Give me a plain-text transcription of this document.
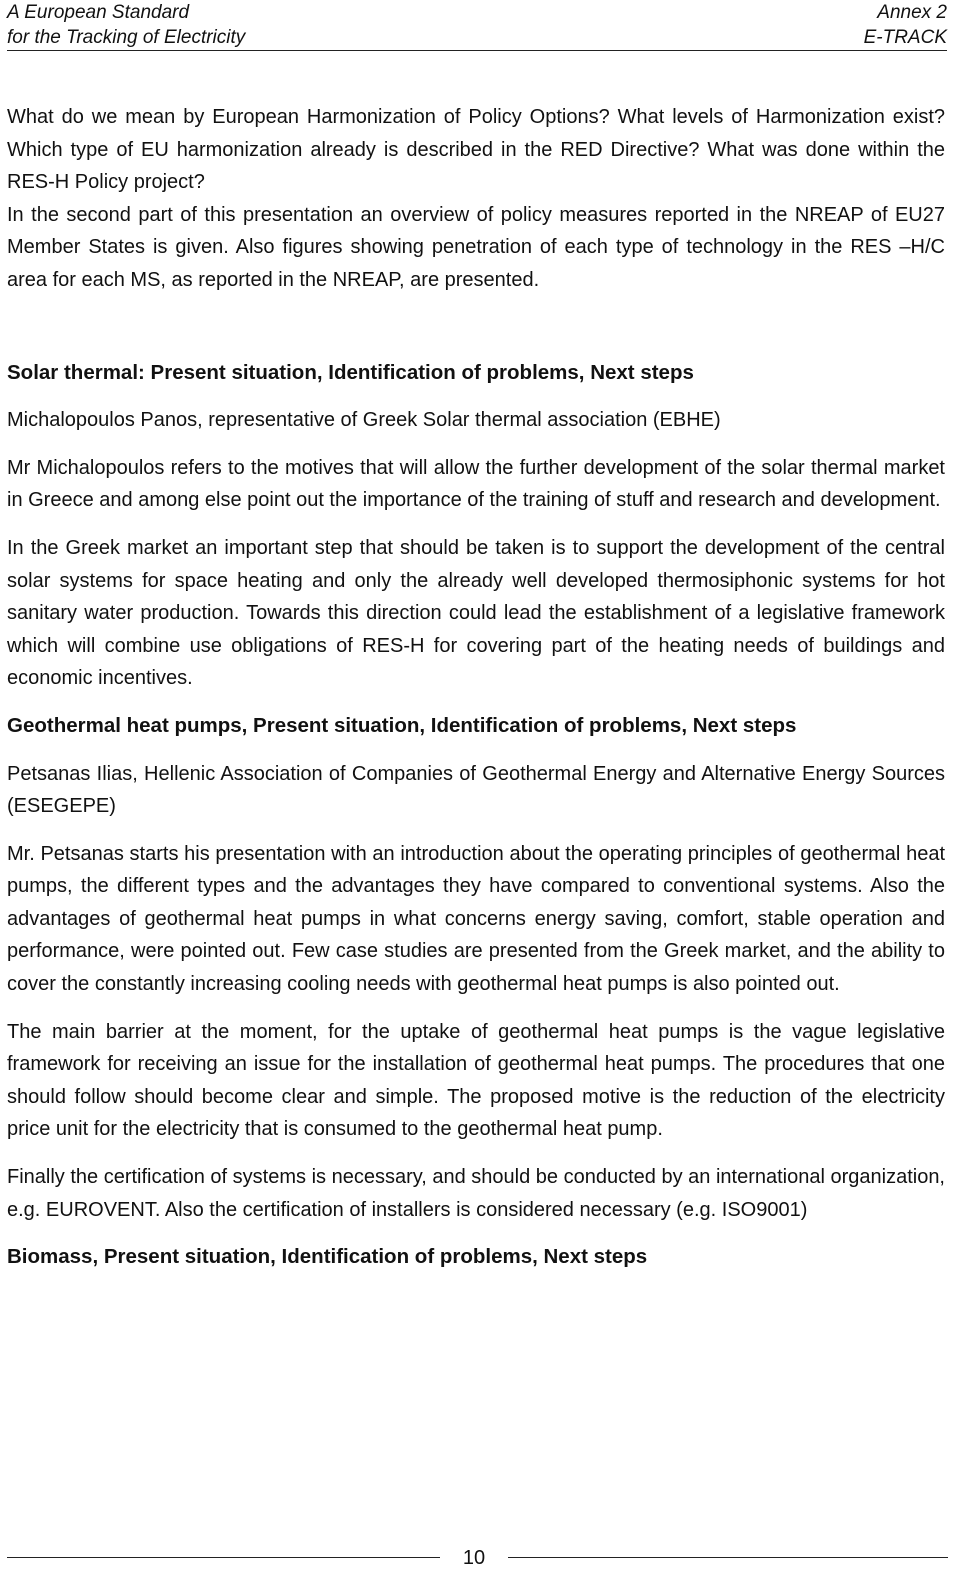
A European Standard
for the Tracking of Electricity
Annex 2
E-TRACK

What do we mean by European Harmonization of Policy Options? What levels of Harmonization exist? Which type of EU harmonization already is described in the RED Directive? What was done within the RES-H Policy project?

In the second part of this presentation an overview of policy measures reported in the NREAP of EU27 Member States is given. Also figures showing penetration of each type of technology in the RES –H/C area for each MS, as reported in the NREAP, are presented.

Solar thermal: Present situation, Identification of problems, Next steps

Michalopoulos Panos, representative of Greek Solar thermal association (EBHE)

Mr Michalopoulos refers to the motives that will allow the further development of the solar thermal market in Greece and among else point out the importance of the training of stuff and research and development.

In the Greek market an important step that should be taken is to support the development of the central solar systems for space heating and only the already well developed thermosiphonic systems for hot sanitary water production. Towards this direction could lead the establishment of a legislative framework which will combine use obligations of RES-H for covering part of the heating needs of buildings and economic incentives.

Geothermal heat pumps, Present situation, Identification of problems, Next steps

Petsanas Ilias, Hellenic Association of Companies of Geothermal Energy and Alternative Energy Sources (ESEGEPE)

Mr. Petsanas starts his presentation with an introduction about the operating principles of geothermal heat pumps, the different types and the advantages they have compared to conventional systems. Also the advantages of geothermal heat pumps in what concerns energy saving, comfort, stable operation and performance, were pointed out. Few case studies are presented from the Greek market, and the ability to cover the constantly increasing cooling needs with geothermal heat pumps is also pointed out.

The main barrier at the moment, for the uptake of geothermal heat pumps is the vague legislative framework for receiving an issue for the installation of geothermal heat pumps. The procedures that one should follow should become clear and simple. The proposed motive is the reduction of the electricity price unit for the electricity that is consumed to the geothermal heat pump.

Finally the certification of systems is necessary, and should be conducted by an international organization, e.g. EUROVENT. Also the certification of installers is considered necessary (e.g. ISO9001)

Biomass, Present situation, Identification of problems, Next steps
10
